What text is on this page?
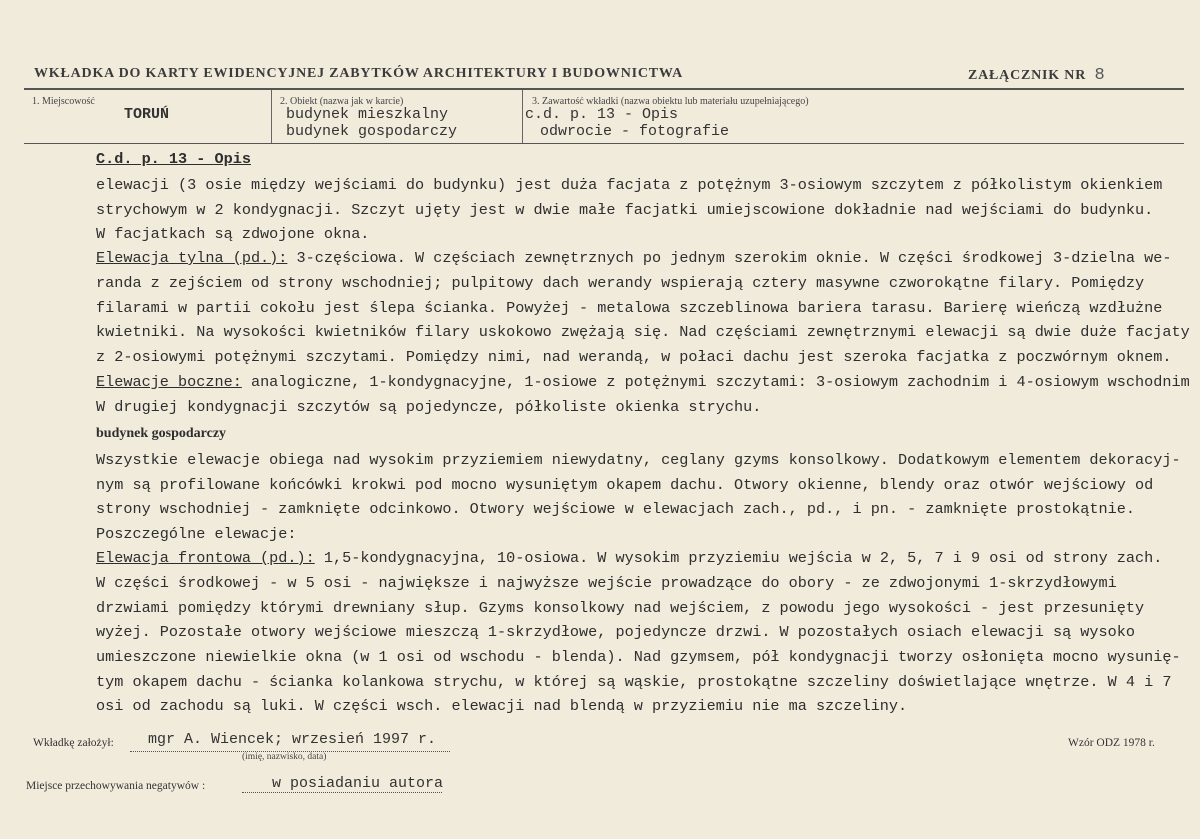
WKŁADKA DO KARTY EWIDENCYJNEJ ZABYTKÓW ARCHITEKTURY I BUDOWNICTWA	ZAŁĄCZNIK NR 8
1. Miejscowość
TORUŃ
2. Obiekt (nazwa jak w karcie)
budynek mieszkalny
budynek gospodarczy
3. Zawartość wkładki (nazwa obiektu lub materiału uzupełniającego)
c.d. p. 13 - Opis
odwrocie - fotografie
C.d. p. 13 - Opis
elewacji (3 osie między wejściami do budynku) jest duża facjata z potężnym 3-osiowym szczytem z półkolistym okienkiem
strychowym w 2 kondygnacji. Szczyt ujęty jest w dwie małe facjatki umiejscowione dokładnie nad wejściami do budynku.
W facjatkach są zdwojone okna.
Elewacja tylna (pd.): 3-częściowa. W częściach zewnętrznych po jednym szerokim oknie. W części środkowej 3-dzielna we-
randa z zejściem od strony wschodniej; pulpitowy dach werandy wspierają cztery masywne czworokątne filary. Pomiędzy
filarami w partii cokołu jest ślepa ścianka. Powyżej - metalowa szczeblinowa bariera tarasu. Barierę wieńczą wzdłużne
kwietniki. Na wysokości kwietników filary uskokowo zwężają się. Nad częściami zewnętrznymi elewacji są dwie duże facjaty
z 2-osiowymi potężnymi szczytami. Pomiędzy nimi, nad werandą, w połaci dachu jest szeroka facjatka z poczwórnym oknem.
Elewacje boczne: analogiczne, 1-kondygnacyjne, 1-osiowe z potężnymi szczytami: 3-osiowym zachodnim i 4-osiowym wschodnim
W drugiej kondygnacji szczytów są pojedyncze, półkoliste okienka strychu.
budynek gospodarczy
Wszystkie elewacje obiega nad wysokim przyziemiem niewydatny, ceglany gzyms konsolkowy. Dodatkowym elementem dekoracyj-
nym są profilowane końcówki krokwi pod mocno wysuniętym okapem dachu. Otwory okienne, blendy oraz otwór wejściowy od
strony wschodniej - zamknięte odcinkowo. Otwory wejściowe w elewacjach zach., pd., i pn. - zamknięte prostokątnie.
Poszczególne elewacje:
Elewacja frontowa (pd.): 1,5-kondygnacyjna, 10-osiowa. W wysokim przyziemiu wejścia w 2, 5, 7 i 9 osi od strony zach.
W części środkowej - w 5 osi - największe i najwyższe wejście prowadzące do obory - ze zdwojonymi 1-skrzydłowymi
drzwiami pomiędzy którymi drewniany słup. Gzyms konsolkowy nad wejściem, z powodu jego wysokości - jest przesunięty
wyżej. Pozostałe otwory wejściowe mieszczą 1-skrzydłowe, pojedyncze drzwi. W pozostałych osiach elewacji są wysoko
umieszczone niewielkie okna (w 1 osi od wschodu - blenda). Nad gzymsem, pół kondygnacji tworzy osłonięta mocno wysunię-
tym okapem dachu - ścianka kolankowa strychu, w której są wąskie, prostokątne szczeliny doświetlające wnętrze. W 4 i 7
osi od zachodu są luki. W części wsch. elewacji nad blendą w przyziemiu nie ma szczeliny.
Wkładkę założył: mgr A. Wiencek; wrzesień 1997 r.
(imię, nazwisko, data)
Miejsce przechowywania negatywów :	w posiadaniu autora
Wzór ODZ 1978 r.
